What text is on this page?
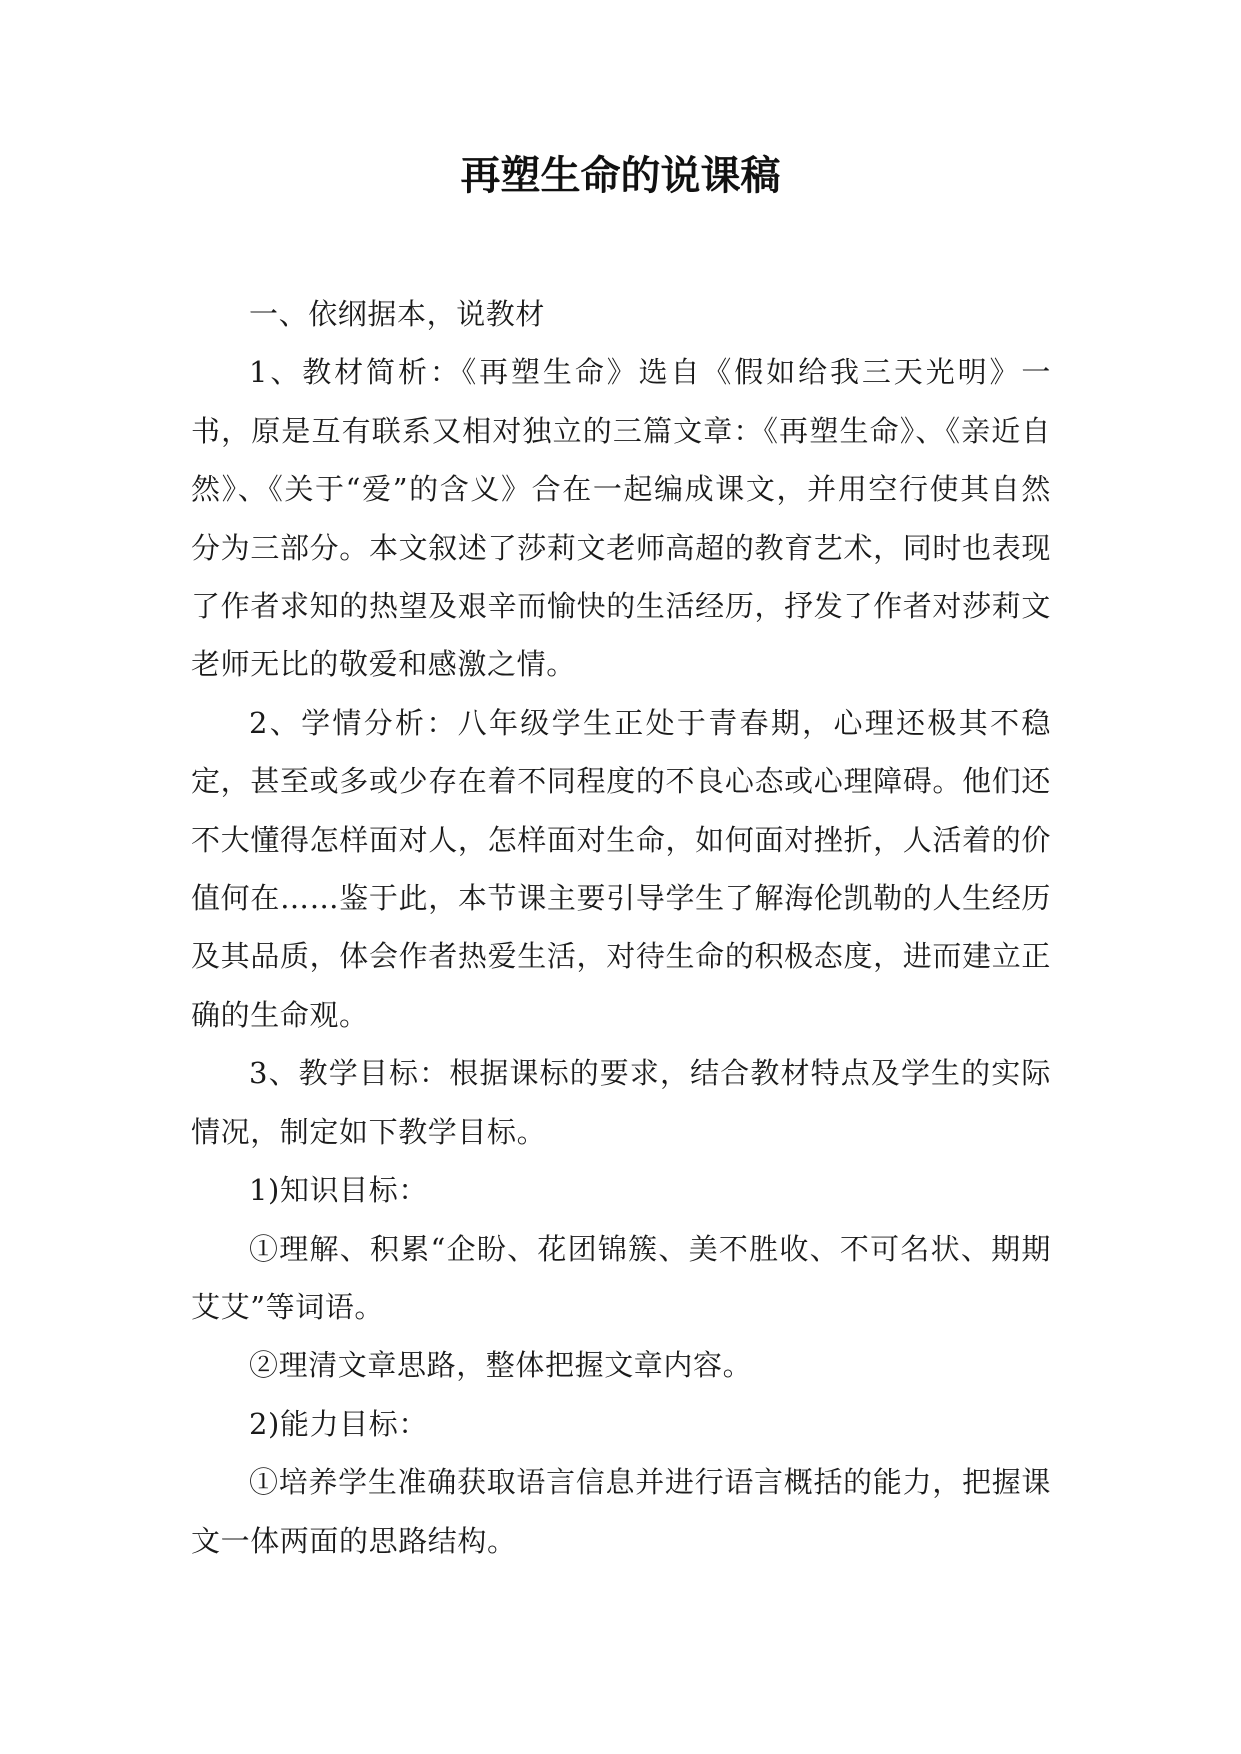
再塑生命的说课稿

一、依纲据本，说教材

1、教材简析：《再塑生命》选自《假如给我三天光明》一书，原是互有联系又相对独立的三篇文章：《再塑生命》、《亲近自然》、《关于“爱”的含义》合在一起编成课文，并用空行使其自然分为三部分。本文叙述了莎莉文老师高超的教育艺术，同时也表现了作者求知的热望及艰辛而愉快的生活经历，抒发了作者对莎莉文老师无比的敬爱和感激之情。

2、学情分析：八年级学生正处于青春期，心理还极其不稳定，甚至或多或少存在着不同程度的不良心态或心理障碍。他们还不大懂得怎样面对人，怎样面对生命，如何面对挫折，人活着的价值何在……鉴于此，本节课主要引导学生了解海伦凯勒的人生经历及其品质，体会作者热爱生活，对待生命的积极态度，进而建立正确的生命观。

3、教学目标：根据课标的要求，结合教材特点及学生的实际情况，制定如下教学目标。

1)知识目标：

①理解、积累“企盼、花团锦簇、美不胜收、不可名状、期期艾艾”等词语。

②理清文章思路，整体把握文章内容。

2)能力目标：

①培养学生准确获取语言信息并进行语言概括的能力，把握课文一体两面的思路结构。
